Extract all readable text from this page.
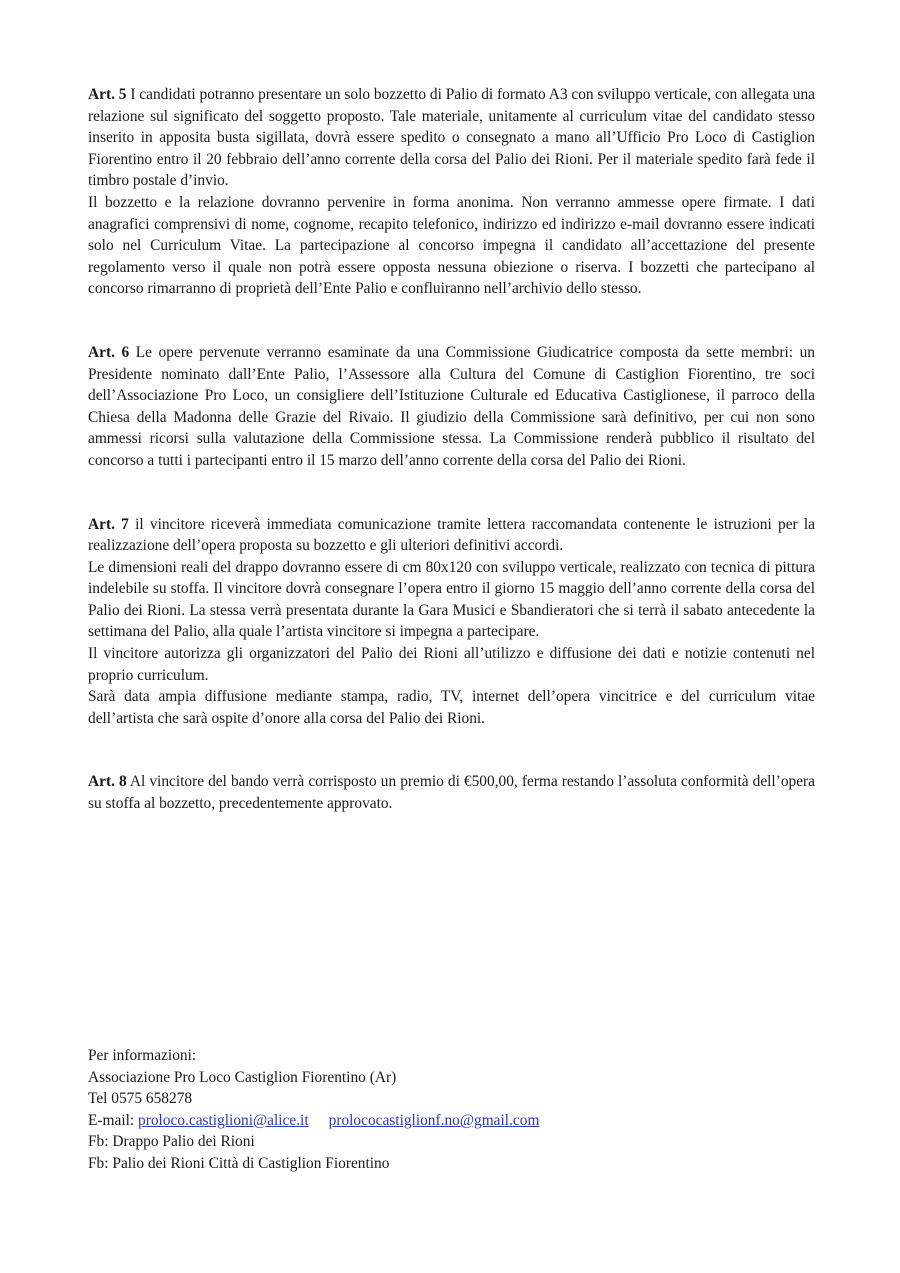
Art. 5 I candidati potranno presentare un solo bozzetto di Palio di formato A3 con sviluppo verticale, con allegata una relazione sul significato del soggetto proposto. Tale materiale, unitamente al curriculum vitae del candidato stesso inserito in apposita busta sigillata, dovrà essere spedito o consegnato a mano all’Ufficio Pro Loco di Castiglion Fiorentino entro il 20 febbraio dell’anno corrente della corsa del Palio dei Rioni. Per il materiale spedito farà fede il timbro postale d’invio.

Il bozzetto e la relazione dovranno pervenire in forma anonima. Non verranno ammesse opere firmate. I dati anagrafici comprensivi di nome, cognome, recapito telefonico, indirizzo ed indirizzo e-mail dovranno essere indicati solo nel Curriculum Vitae. La partecipazione al concorso impegna il candidato all’accettazione del presente regolamento verso il quale non potrà essere opposta nessuna obiezione o riserva. I bozzetti che partecipano al concorso rimarranno di proprietà dell’Ente Palio e confluiranno nell’archivio dello stesso.

Art. 6 Le opere pervenute verranno esaminate da una Commissione Giudicatrice composta da sette membri: un Presidente nominato dall’Ente Palio, l’Assessore alla Cultura del Comune di Castiglion Fiorentino, tre soci dell’Associazione Pro Loco, un consigliere dell’Istituzione Culturale ed Educativa Castiglionese, il parroco della Chiesa della Madonna delle Grazie del Rivaio. Il giudizio della Commissione sarà definitivo, per cui non sono ammessi ricorsi sulla valutazione della Commissione stessa. La Commissione renderà pubblico il risultato del concorso a tutti i partecipanti entro il 15 marzo dell’anno corrente della corsa del Palio dei Rioni.

Art. 7 il vincitore riceverà immediata comunicazione tramite lettera raccomandata contenente le istruzioni per la realizzazione dell’opera proposta su bozzetto e gli ulteriori definitivi accordi.

Le dimensioni reali del drappo dovranno essere di cm 80x120 con sviluppo verticale, realizzato con tecnica di pittura indelebile su stoffa. Il vincitore dovrà consegnare l’opera entro il giorno 15 maggio dell’anno corrente della corsa del Palio dei Rioni. La stessa verrà presentata durante la Gara Musici e Sbandieratori che si terrà il sabato antecedente la settimana del Palio, alla quale l’artista vincitore si impegna a partecipare.

Il vincitore autorizza gli organizzatori del Palio dei Rioni all’utilizzo e diffusione dei dati e notizie contenuti nel proprio curriculum.

Sarà data ampia diffusione mediante stampa, radio, TV, internet dell’opera vincitrice e del curriculum vitae dell’artista che sarà ospite d’onore alla corsa del Palio dei Rioni.

Art. 8 Al vincitore del bando verrà corrisposto un premio di €500,00, ferma restando l’assoluta conformità dell’opera su stoffa al bozzetto, precedentemente approvato.

Per informazioni:
Associazione Pro Loco Castiglion Fiorentino (Ar)
Tel 0575 658278
E-mail: proloco.castiglioni@alice.it prolococastiglionf.no@gmail.com
Fb: Drappo Palio dei Rioni
Fb: Palio dei Rioni Città di Castiglion Fiorentino
